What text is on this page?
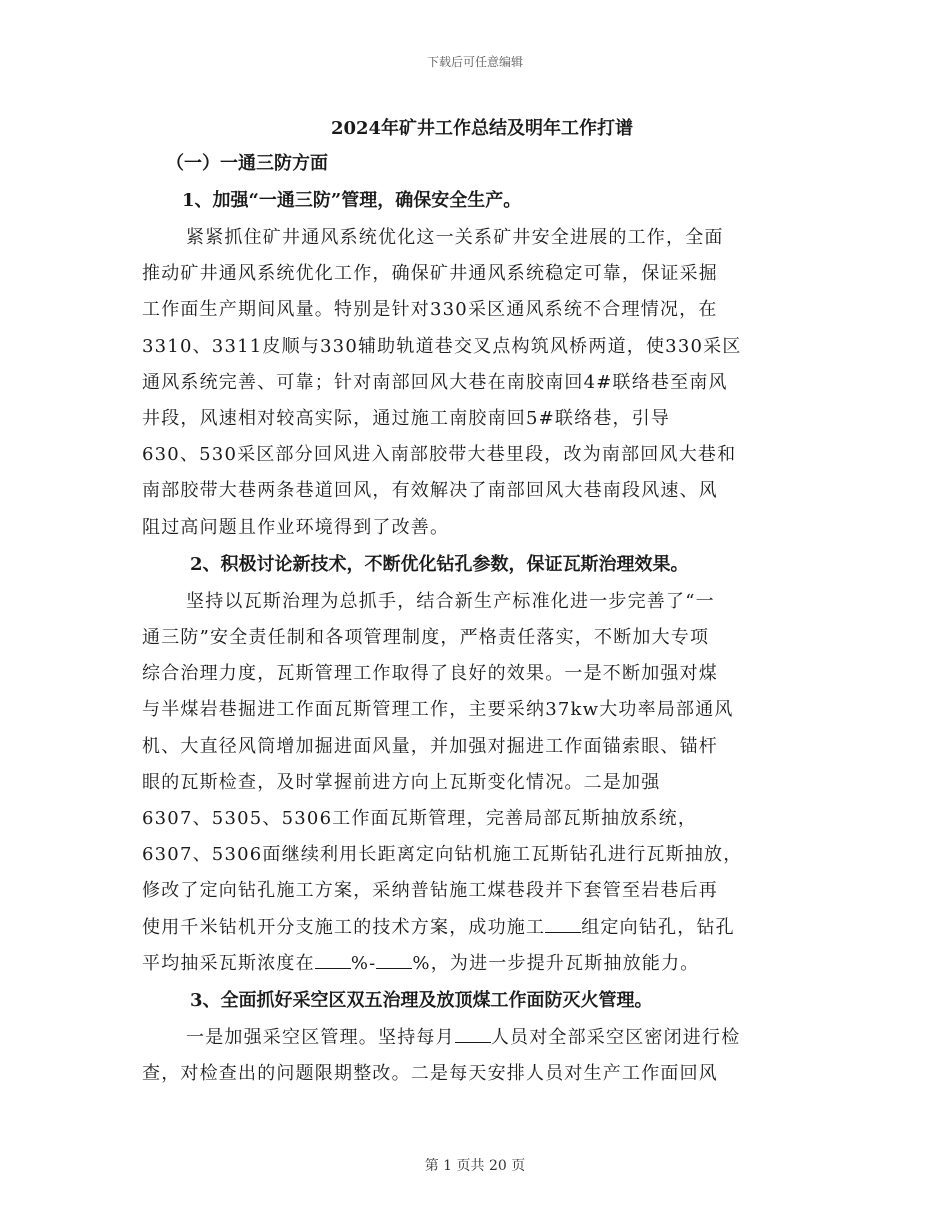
下载后可任意编辑
2024年矿井工作总结及明年工作打谱
（一）一通三防方面
1、加强“一通三防”管理，确保安全生产。
紧紧抓住矿井通风系统优化这一关系矿井安全进展的工作，全面
推动矿井通风系统优化工作，确保矿井通风系统稳定可靠，保证采掘
工作面生产期间风量。特别是针对330采区通风系统不合理情况，在
3310、3311皮顺与330辅助轨道巷交叉点构筑风桥两道，使330采区
通风系统完善、可靠；针对南部回风大巷在南胶南回4#联络巷至南风
井段，风速相对较高实际，通过施工南胶南回5#联络巷，引导
630、530采区部分回风进入南部胶带大巷里段，改为南部回风大巷和
南部胶带大巷两条巷道回风，有效解决了南部回风大巷南段风速、风
阻过高问题且作业环境得到了改善。
2、积极讨论新技术，不断优化钻孔参数，保证瓦斯治理效果。
坚持以瓦斯治理为总抓手，结合新生产标准化进一步完善了“一
通三防”安全责任制和各项管理制度，严格责任落实，不断加大专项
综合治理力度，瓦斯管理工作取得了良好的效果。一是不断加强对煤
与半煤岩巷掘进工作面瓦斯管理工作，主要采纳37kw大功率局部通风
机、大直径风筒增加掘进面风量，并加强对掘进工作面锚索眼、锚杆
眼的瓦斯检查，及时掌握前进方向上瓦斯变化情况。二是加强
6307、5305、5306工作面瓦斯管理，完善局部瓦斯抽放系统，
6307、5306面继续利用长距离定向钻机施工瓦斯钻孔进行瓦斯抽放，
修改了定向钻孔施工方案，采纳普钻施工煤巷段并下套管至岩巷后再
使用千米钻机开分支施工的技术方案，成功施工 组定向钻孔，钻孔
平均抽采瓦斯浓度在 %- %，为进一步提升瓦斯抽放能力。
3、全面抓好采空区双五治理及放顶煤工作面防灭火管理。
一是加强采空区管理。坚持每月 人员对全部采空区密闭进行检
查，对检查出的问题限期整改。二是每天安排人员对生产工作面回风
第 1 页共 20 页
